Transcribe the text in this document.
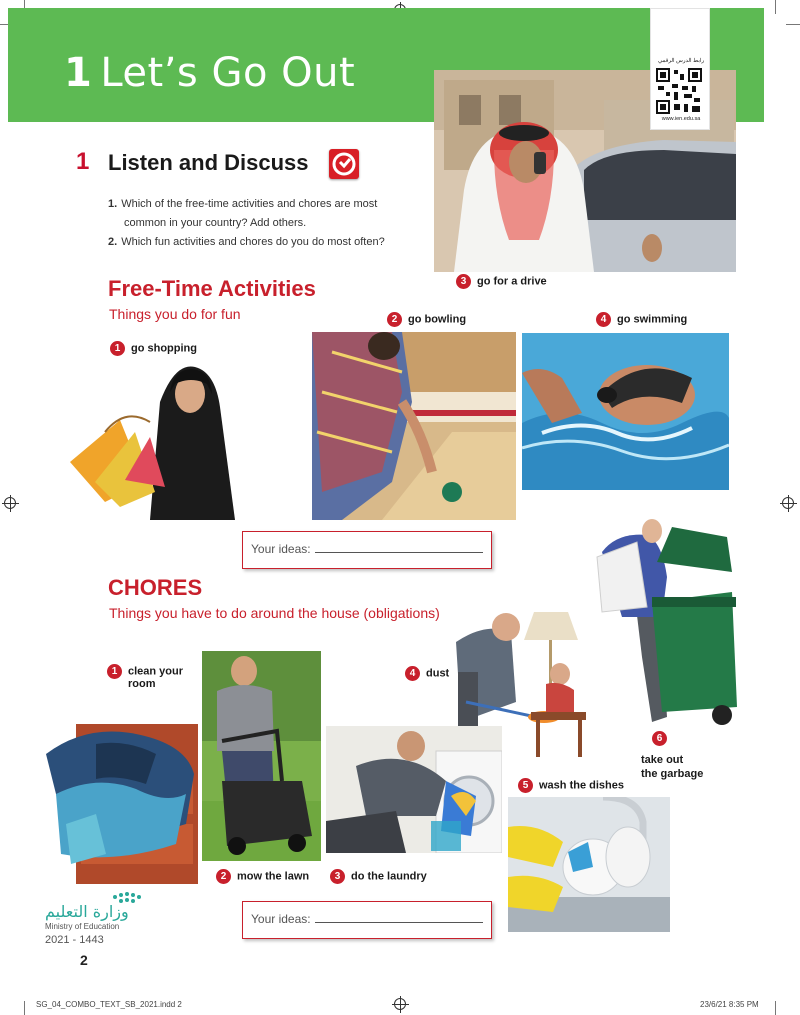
1 Let’s Go Out	رابط الدرس الرقمي
www.ien.edu.sa
1 Listen and Discuss
1. Which of the free-time activities and chores are most
common in your country? Add others.
2. Which fun activities and chores do you do most often?
3 go for a drive
Free-Time Activities
Things you do for fun	2 go bowling	4 go swimming
1 go shopping
Your ideas:
CHORES
Things you have to do around the house (obligations)
1 clean your
room
4 dust
5 wash the dishes
6
take out
the garbage
2 mow the lawn	3 do the laundry
Your ideas:
وزارة التعليم
Ministry of Education
2021 - 1443
2
SG_04_COMBO_TEXT_SB_2021.indd 2	23/6/21 8:35 PM
